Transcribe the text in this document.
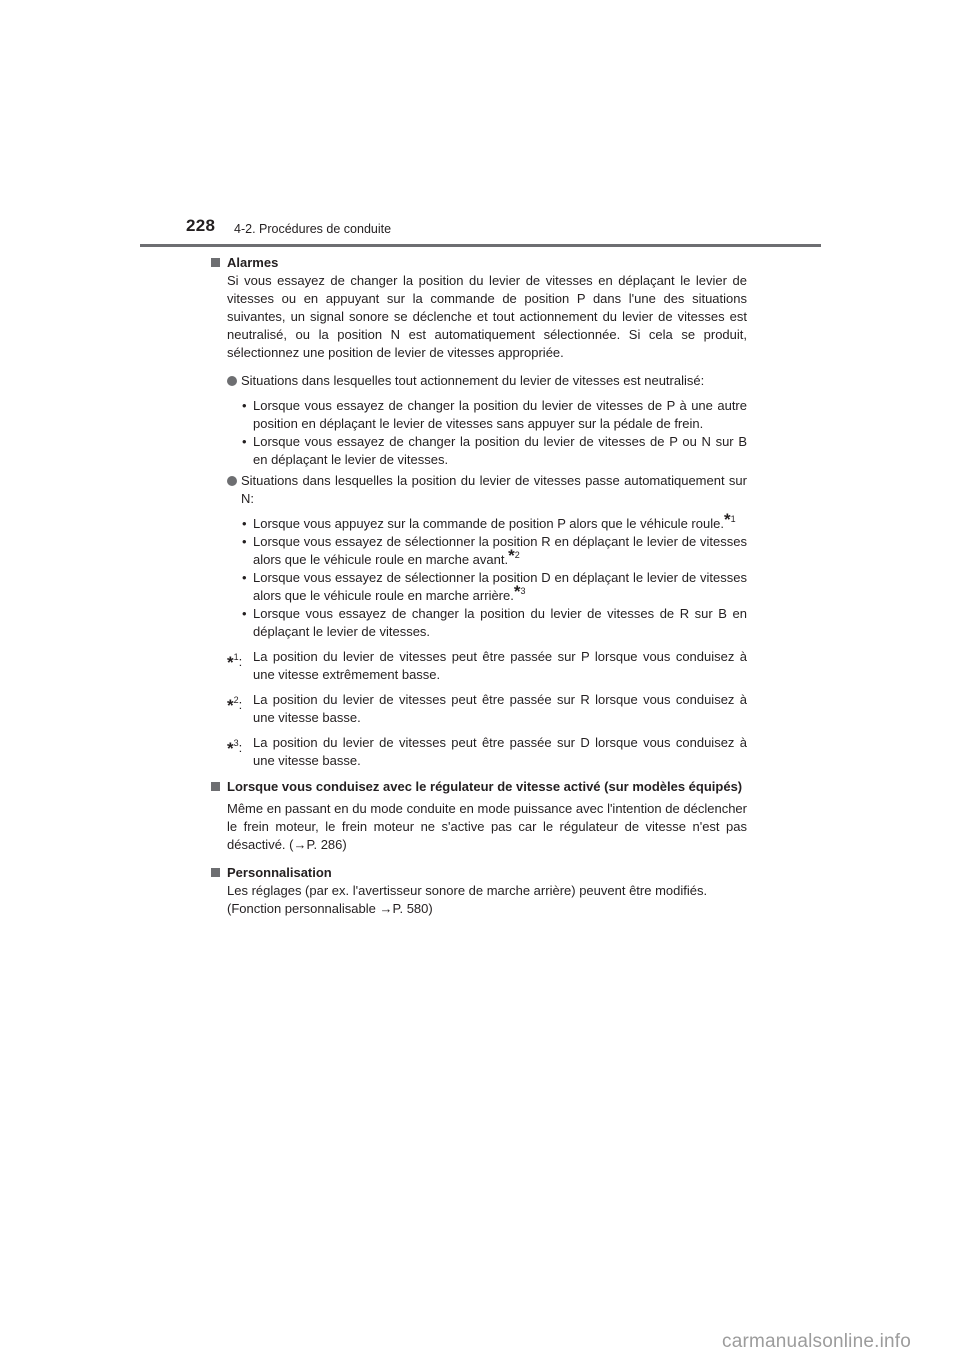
228 4-2. Procédures de conduite
Alarmes
Si vous essayez de changer la position du levier de vitesses en déplaçant le levier de vitesses ou en appuyant sur la commande de position P dans l'une des situations suivantes, un signal sonore se déclenche et tout actionnement du levier de vitesses est neutralisé, ou la position N est automatiquement sélectionnée. Si cela se produit, sélectionnez une position de levier de vitesses appropriée.
Situations dans lesquelles tout actionnement du levier de vitesses est neutralisé:
• Lorsque vous essayez de changer la position du levier de vitesses de P à une autre position en déplaçant le levier de vitesses sans appuyer sur la pédale de frein.
• Lorsque vous essayez de changer la position du levier de vitesses de P ou N sur B en déplaçant le levier de vitesses.
Situations dans lesquelles la position du levier de vitesses passe automatiquement sur N:
• Lorsque vous appuyez sur la commande de position P alors que le véhicule roule.$^{*1}$
• Lorsque vous essayez de sélectionner la position R en déplaçant le levier de vitesses alors que le véhicule roule en marche avant.$^{*2}$
• Lorsque vous essayez de sélectionner la position D en déplaçant le levier de vitesses alors que le véhicule roule en marche arrière.$^{*3}$
• Lorsque vous essayez de changer la position du levier de vitesses de R sur B en déplaçant le levier de vitesses.
*$^1$: La position du levier de vitesses peut être passée sur P lorsque vous conduisez à une vitesse extrêmement basse.
*$^2$: La position du levier de vitesses peut être passée sur R lorsque vous conduisez à une vitesse basse.
*$^3$: La position du levier de vitesses peut être passée sur D lorsque vous conduisez à une vitesse basse.
Lorsque vous conduisez avec le régulateur de vitesse activé (sur modèles équipés)
Même en passant en du mode conduite en mode puissance avec l'intention de déclencher le frein moteur, le frein moteur ne s'active pas car le régulateur de vitesse n'est pas désactivé. (→P. 286)
Personnalisation
Les réglages (par ex. l'avertisseur sonore de marche arrière) peuvent être modifiés.
(Fonction personnalisable →P. 580)
carmanualsonline.info
